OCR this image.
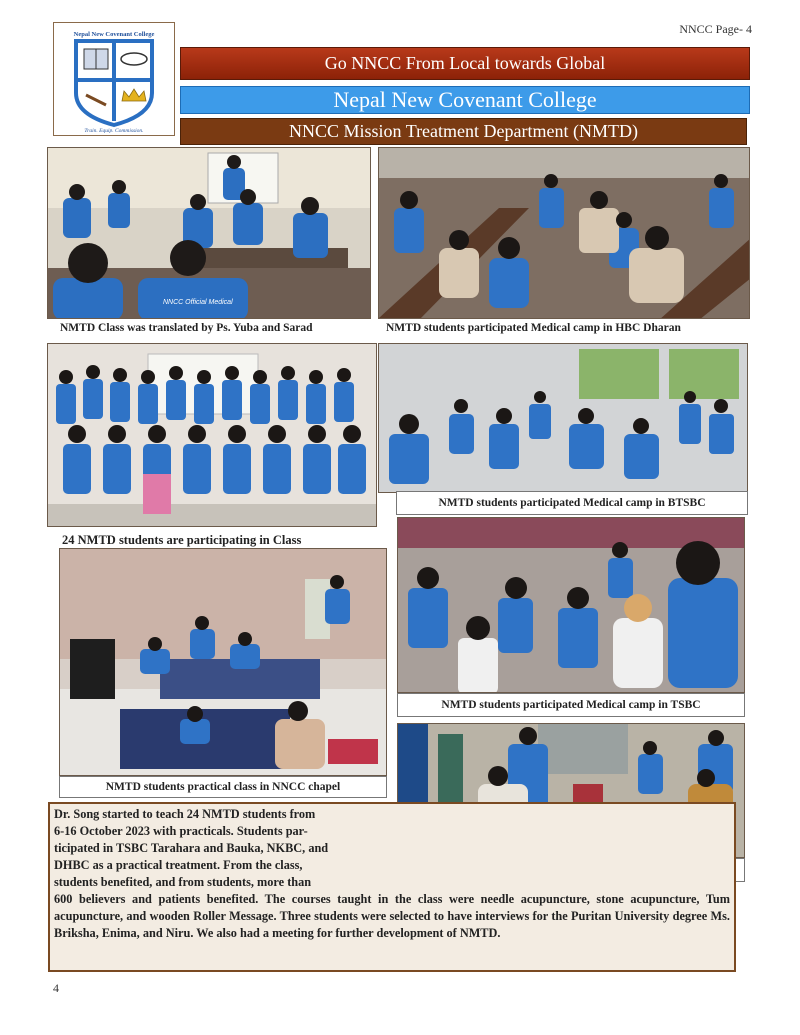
Nepal New Covenant College
Train. Equip. Commission.
NNCC Page- 4
Go NNCC From Local towards Global
Nepal New Covenant College
NNCC Mission Treatment Department (NMTD)
NNCC Official Medical
NMTD Class was translated by Ps. Yuba and Sarad	NMTD students participated Medical camp in HBC Dharan
24 NMTD students are participating in Class
NMTD students participated Medical camp in BTSBC
NMTD students practical class in NNCC chapel
NMTD students participated Medical camp in TSBC
Dr. Song started to teach 24 NMTD students from
6-16 October 2023 with practicals. Students par-
ticipated in TSBC Tarahara and Bauka, NKBC, and
DHBC as a practical treatment. From the class,
students benefited, and from students, more than
600 believers and patients benefited. The courses taught in the class were needle acupuncture, stone acupuncture, Tum acupuncture, and wooden Roller Message. Three students were selected to have interviews for the Puritan University degree Ms. Briksha, Enima, and Niru. We also had a meeting for further development of NMTD.
4
